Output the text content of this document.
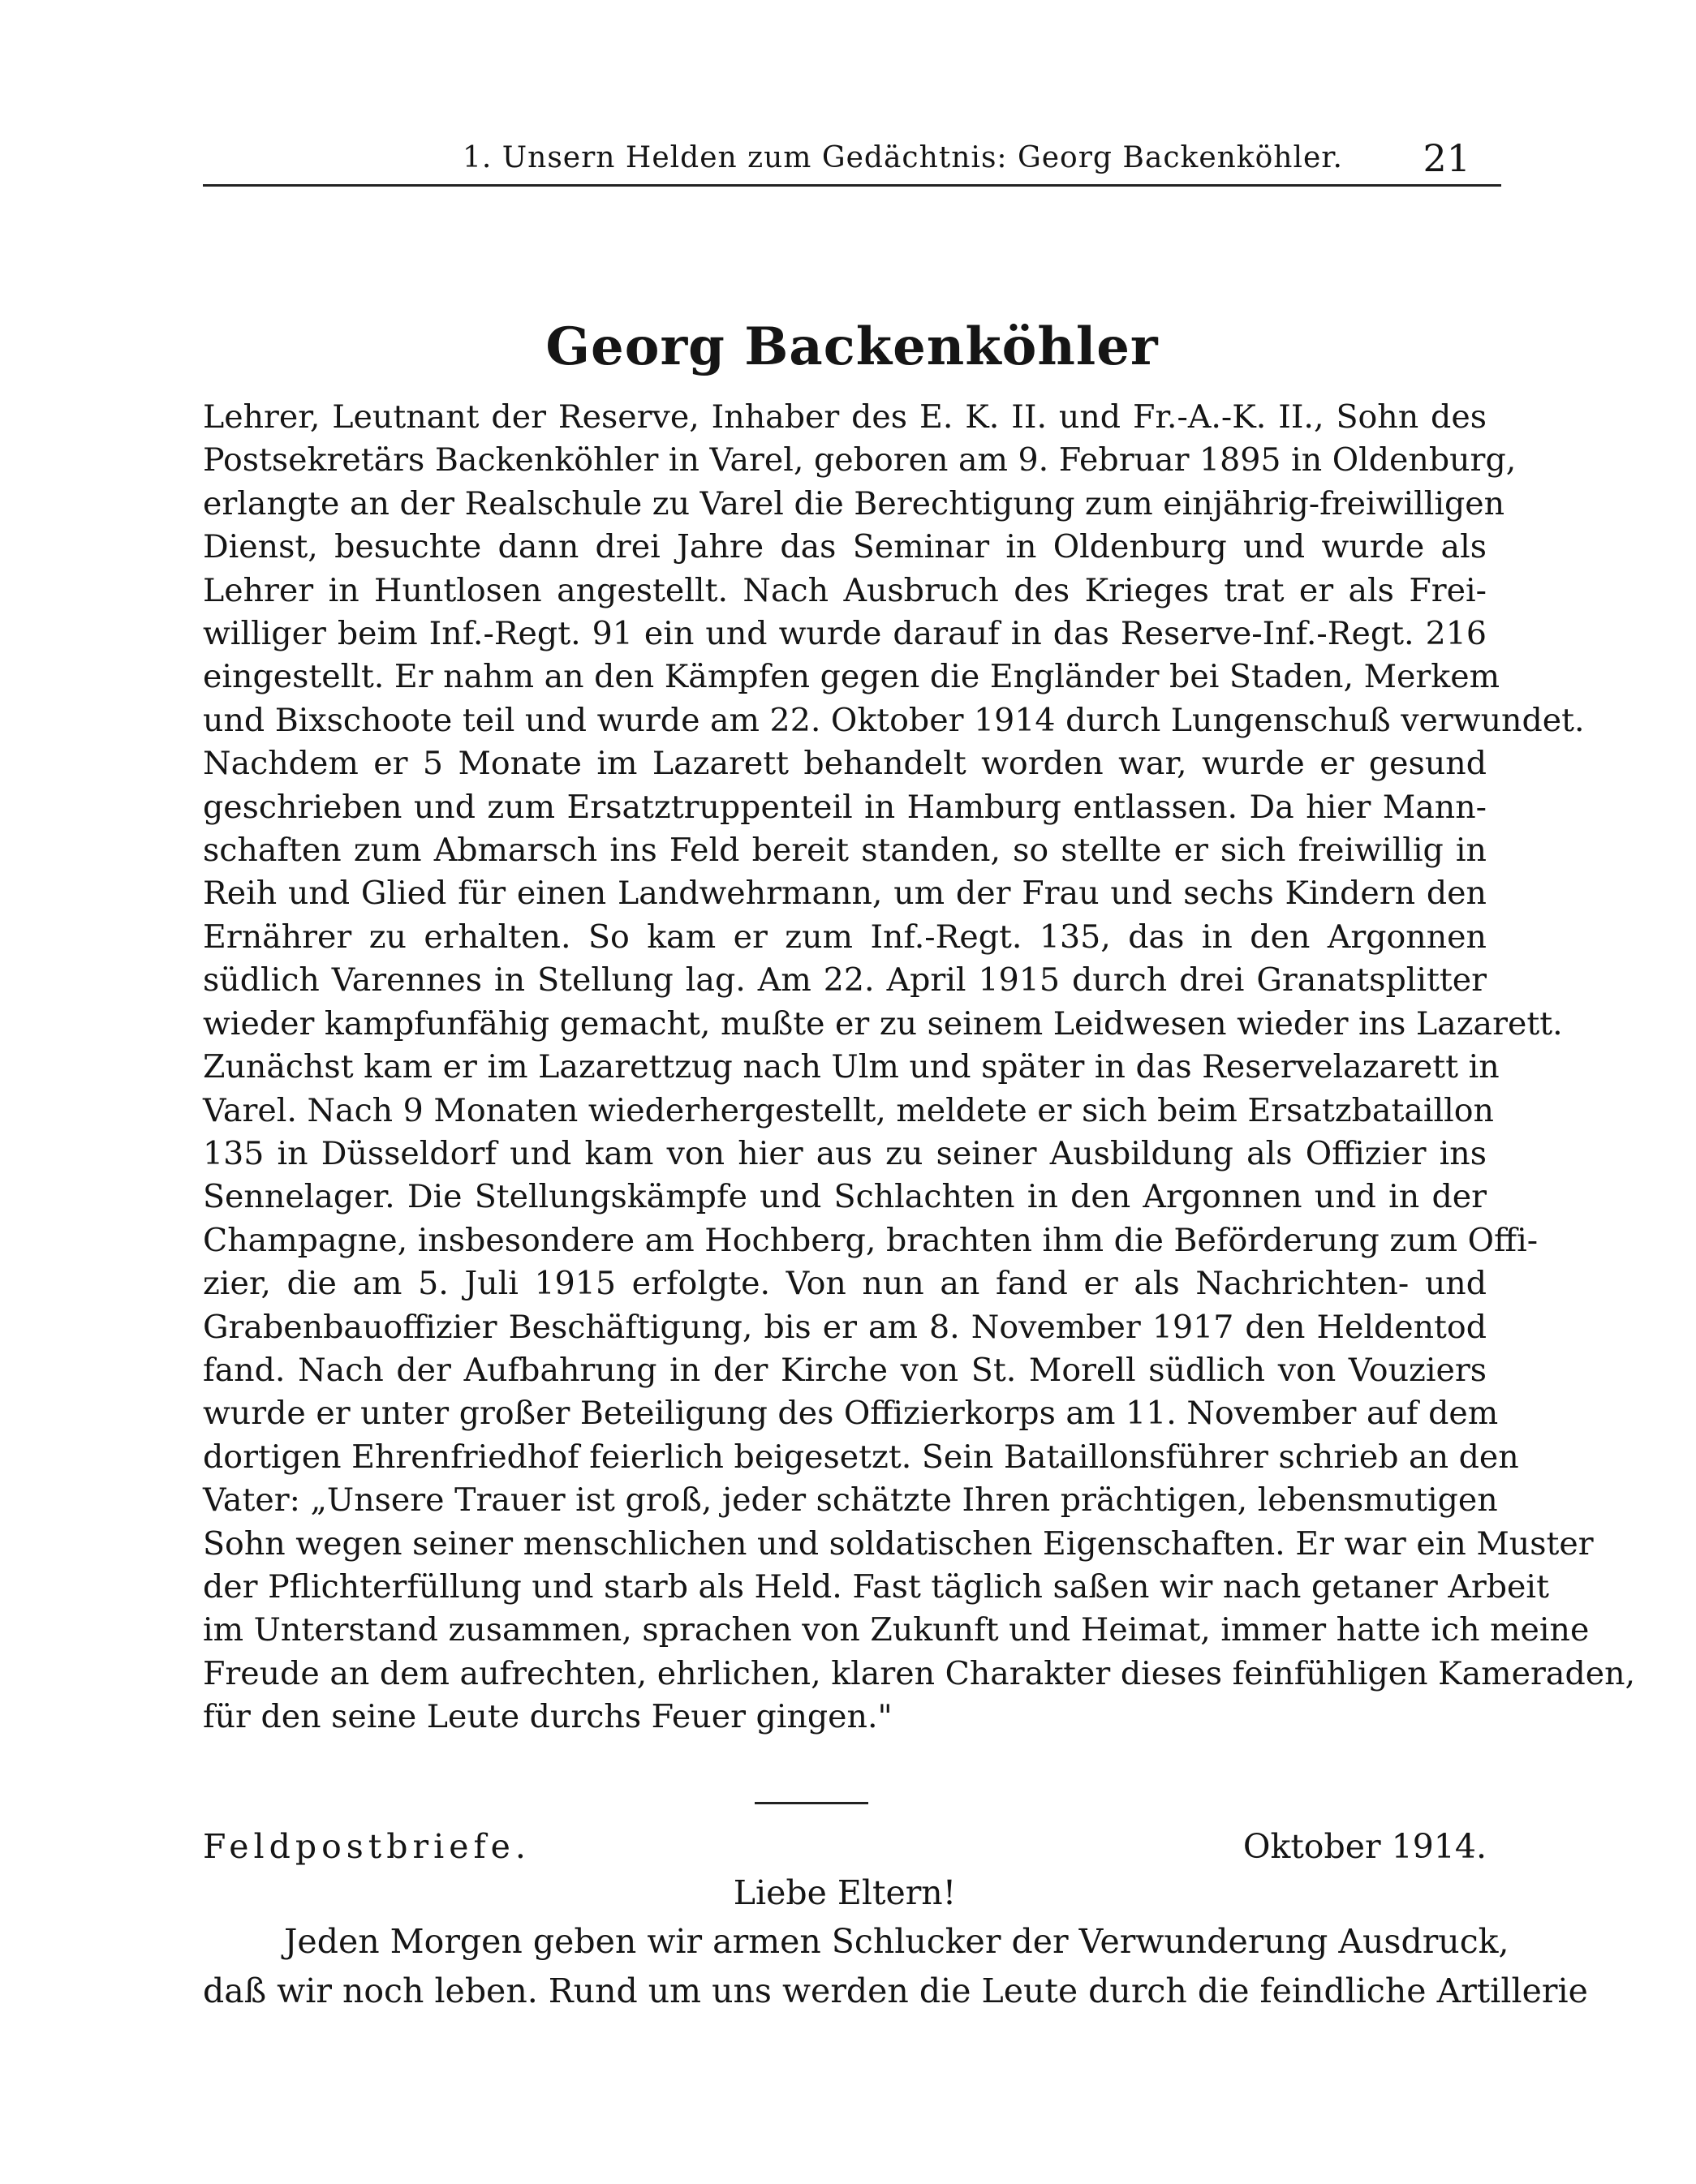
1. Unsern Helden zum Gedächtnis: Georg Backenköhler. 21
Georg Backenköhler
Lehrer, Leutnant der Reserve, Inhaber des E. K. II. und Fr.-A.-K. II., Sohn des
Postsekretärs Backenköhler in Varel, geboren am 9. Februar 1895 in Oldenburg,
erlangte an der Realschule zu Varel die Berechtigung zum einjährig-freiwilligen
Dienst, besuchte dann drei Jahre das Seminar in Oldenburg und wurde als
Lehrer in Huntlosen angestellt. Nach Ausbruch des Krieges trat er als Frei-
williger beim Inf.-Regt. 91 ein und wurde darauf in das Reserve-Inf.-Regt. 216
eingestellt. Er nahm an den Kämpfen gegen die Engländer bei Staden, Merkem
und Bixschoote teil und wurde am 22. Oktober 1914 durch Lungenschuß verwundet.
Nachdem er 5 Monate im Lazarett behandelt worden war, wurde er gesund
geschrieben und zum Ersatztruppenteil in Hamburg entlassen. Da hier Mann-
schaften zum Abmarsch ins Feld bereit standen, so stellte er sich freiwillig in
Reih und Glied für einen Landwehrmann, um der Frau und sechs Kindern den
Ernährer zu erhalten. So kam er zum Inf.-Regt. 135, das in den Argonnen
südlich Varennes in Stellung lag. Am 22. April 1915 durch drei Granatsplitter
wieder kampfunfähig gemacht, mußte er zu seinem Leidwesen wieder ins Lazarett.
Zunächst kam er im Lazarettzug nach Ulm und später in das Reservelazarett in
Varel. Nach 9 Monaten wiederhergestellt, meldete er sich beim Ersatzbataillon
135 in Düsseldorf und kam von hier aus zu seiner Ausbildung als Offizier ins
Sennelager. Die Stellungskämpfe und Schlachten in den Argonnen und in der
Champagne, insbesondere am Hochberg, brachten ihm die Beförderung zum Offi-
zier, die am 5. Juli 1915 erfolgte. Von nun an fand er als Nachrichten- und
Grabenbauoffizier Beschäftigung, bis er am 8. November 1917 den Heldentod
fand. Nach der Aufbahrung in der Kirche von St. Morell südlich von Vouziers
wurde er unter großer Beteiligung des Offizierkorps am 11. November auf dem
dortigen Ehrenfriedhof feierlich beigesetzt. Sein Bataillonsführer schrieb an den
Vater: „Unsere Trauer ist groß, jeder schätzte Ihren prächtigen, lebensmutigen
Sohn wegen seiner menschlichen und soldatischen Eigenschaften. Er war ein Muster
der Pflichterfüllung und starb als Held. Fast täglich saßen wir nach getaner Arbeit
im Unterstand zusammen, sprachen von Zukunft und Heimat, immer hatte ich meine
Freude an dem aufrechten, ehrlichen, klaren Charakter dieses feinfühligen Kameraden,
für den seine Leute durchs Feuer gingen."
Feldpostbriefe.	Oktober 1914.
Liebe Eltern!
Jeden Morgen geben wir armen Schlucker der Verwunderung Ausdruck,
daß wir noch leben. Rund um uns werden die Leute durch die feindliche Artillerie
